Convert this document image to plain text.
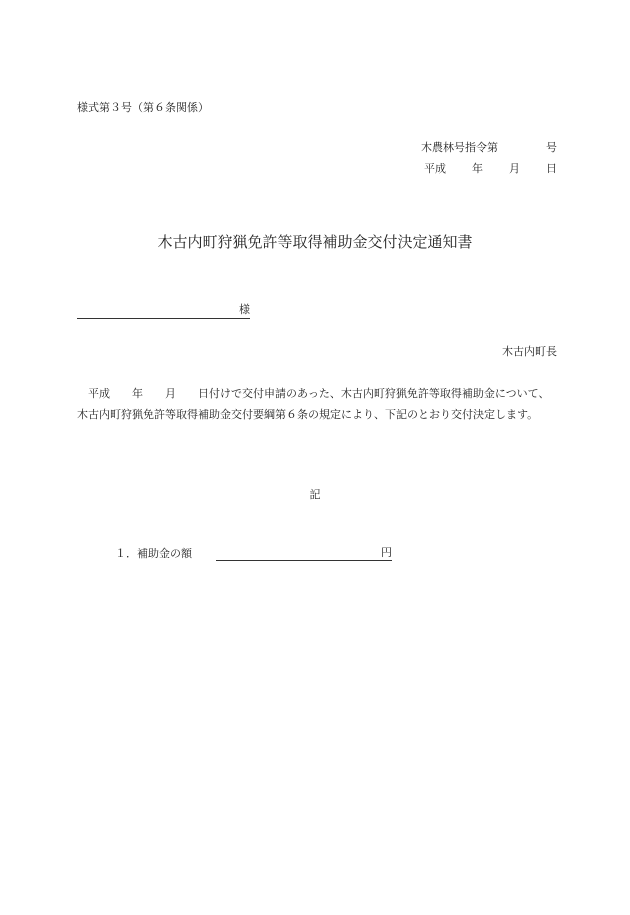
様式第３号（第６条関係）
木農林号指令第	号
平成 年 月 日
木古内町狩猟免許等取得補助金交付決定通知書
様
木古内町長
　平成　　年　　月　　日付けで交付申請のあった、木古内町狩猟免許等取得補助金について、木古内町狩猟免許等取得補助金交付要綱第６条の規定により、下記のとおり交付決定します。
記
１．補助金の額	円
